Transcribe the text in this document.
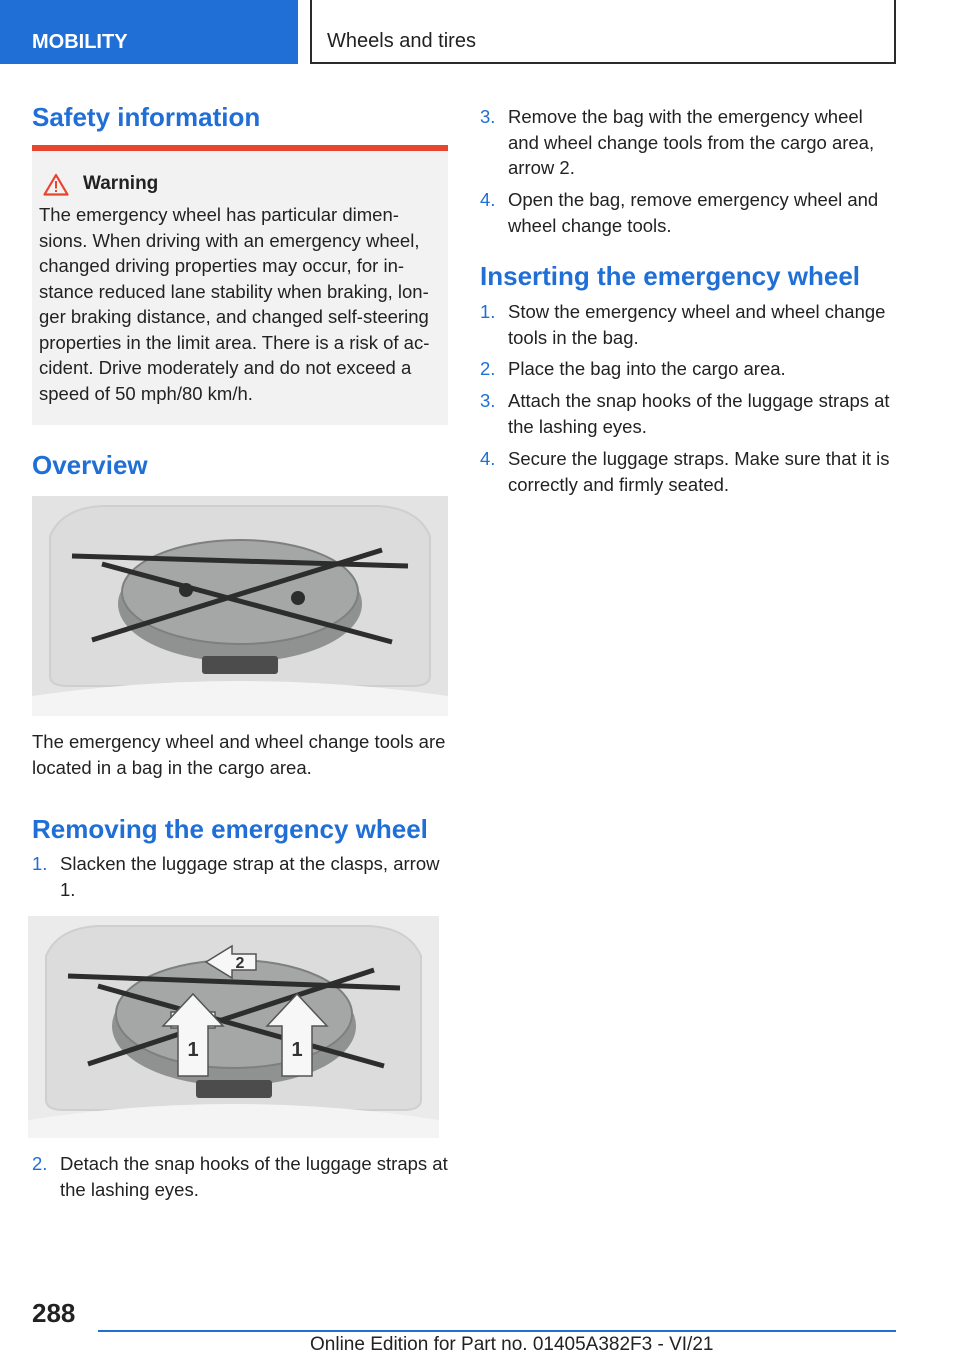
MOBILITY	Wheels and tires
Safety information
Warning
The emergency wheel has particular dimensions. When driving with an emergency wheel, changed driving properties may occur, for instance reduced lane stability when braking, longer braking distance, and changed self-steering properties in the limit area. There is a risk of accident. Drive moderately and do not exceed a speed of 50 mph/80 km/h.
Overview
The emergency wheel and wheel change tools are located in a bag in the cargo area.
Removing the emergency wheel
1. Slacken the luggage strap at the clasps, arrow 1.
1	1
2
2. Detach the snap hooks of the luggage straps at the lashing eyes.
3. Remove the bag with the emergency wheel and wheel change tools from the cargo area, arrow 2.
4. Open the bag, remove emergency wheel and wheel change tools.
Inserting the emergency wheel
1. Stow the emergency wheel and wheel change tools in the bag.
2. Place the bag into the cargo area.
3. Attach the snap hooks of the luggage straps at the lashing eyes.
4. Secure the luggage straps. Make sure that it is correctly and firmly seated.
288
Online Edition for Part no. 01405A382F3 - VI/21
